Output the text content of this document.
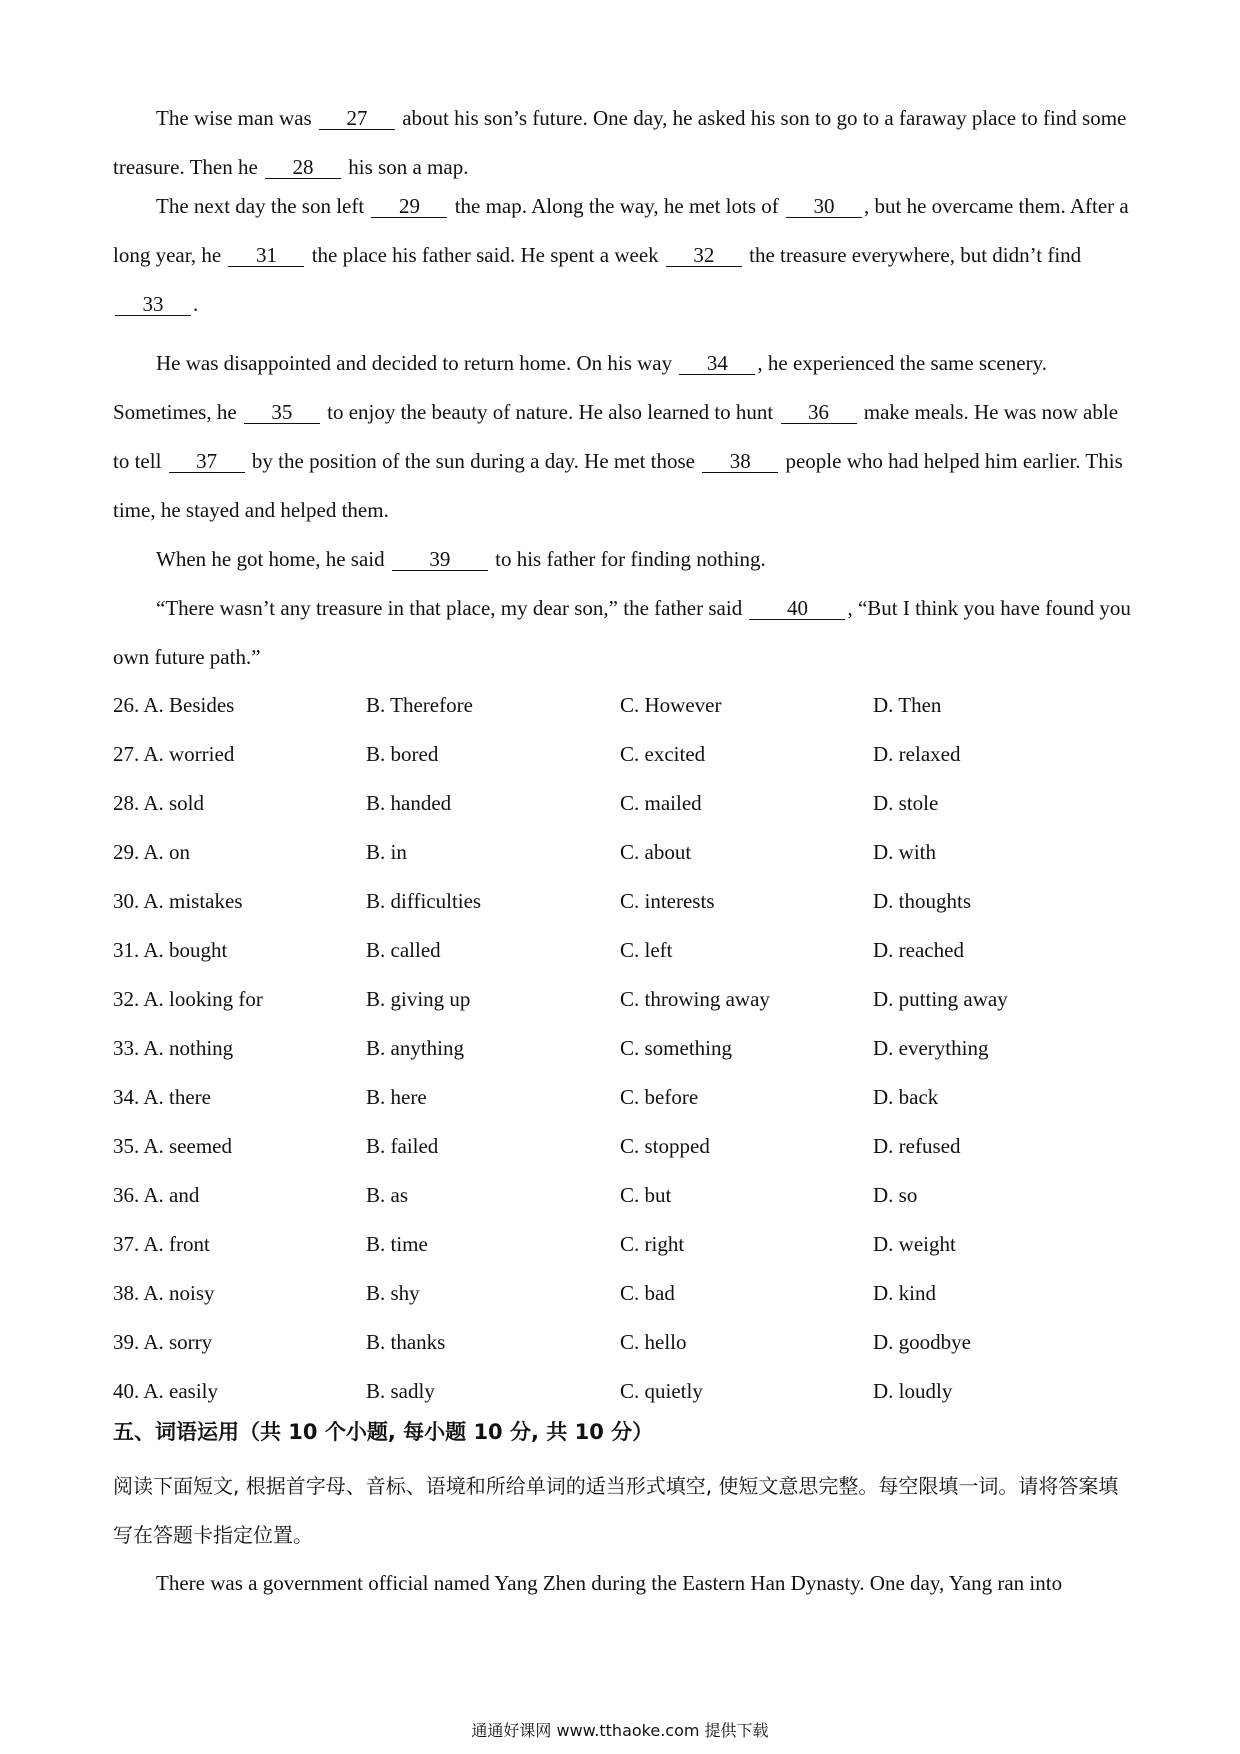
The wise man was 27 about his son’s future. One day, he asked his son to go to a faraway place to find some treasure. Then he 28 his son a map.

The next day the son left 29 the map. Along the way, he met lots of 30 , but he overcame them. After a long year, he 31 the place his father said. He spent a week 32 the treasure everywhere, but didn’t find 33 .

He was disappointed and decided to return home. On his way 34 , he experienced the same scenery. Sometimes, he 35 to enjoy the beauty of nature. He also learned to hunt 36 make meals. He was now able to tell 37 by the position of the sun during a day. He met those 38 people who had helped him earlier. This time, he stayed and helped them.

When he got home, he said 39 to his father for finding nothing.

“There wasn’t any treasure in that place, my dear son,” the father said 40 , “But I think you have found you own future path.”

26. A. Besides	B. Therefore	C. However	D. Then
27. A. worried	B. bored	C. excited	D. relaxed
28. A. sold	B. handed	C. mailed	D. stole
29. A. on	B. in	C. about	D. with
30. A. mistakes	B. difficulties	C. interests	D. thoughts
31. A. bought	B. called	C. left	D. reached
32. A. looking for	B. giving up	C. throwing away	D. putting away
33. A. nothing	B. anything	C. something	D. everything
34. A. there	B. here	C. before	D. back
35. A. seemed	B. failed	C. stopped	D. refused
36. A. and	B. as	C. but	D. so
37. A. front	B. time	C. right	D. weight
38. A. noisy	B. shy	C. bad	D. kind
39. A. sorry	B. thanks	C. hello	D. goodbye
40. A. easily	B. sadly	C. quietly	D. loudly

五、词语运用（共 10 个小题, 每小题 10 分, 共 10 分）

阅读下面短文, 根据首字母、音标、语境和所给单词的适当形式填空, 使短文意思完整。每空限填一词。请将答案填写在答题卡指定位置。

There was a government official named Yang Zhen during the Eastern Han Dynasty. One day, Yang ran into

通通好课网 www.tthaoke.com 提供下载
